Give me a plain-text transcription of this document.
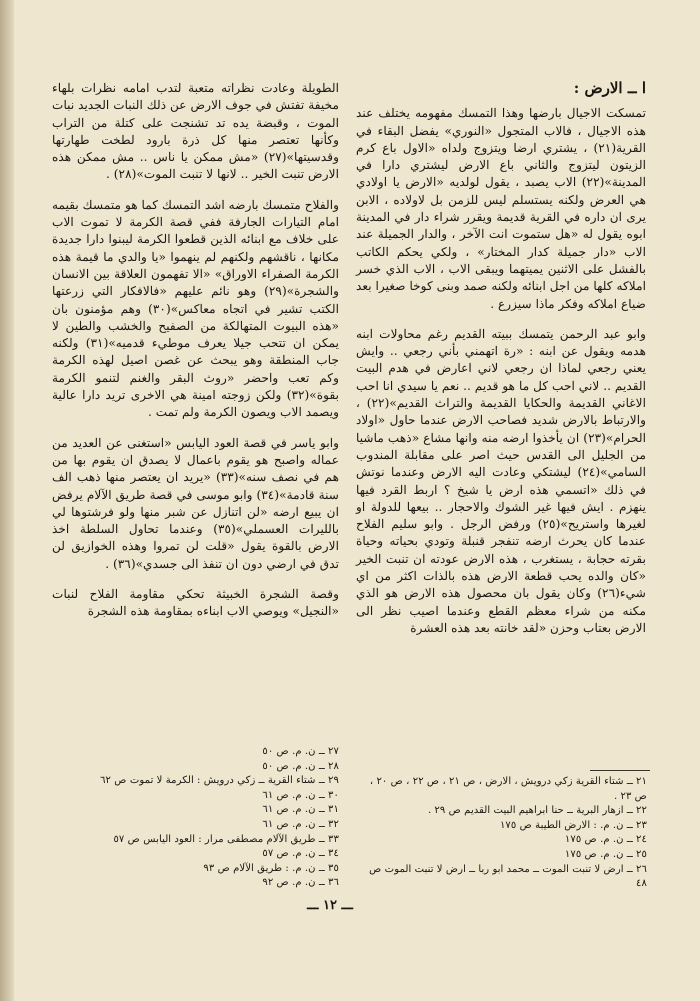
ا ــ الارض :

تمسكت الاجيال بارضها وهذا التمسك مفهومه يختلف عند هذه الاجيال ، فالاب المتجول «النوري» يفضل البقاء في القرية(٢١) ، يشتري ارضا ويتزوج ولداه «الاول باع كرم الزيتون ليتزوج والثاني باع الارض ليشتري دارا في المدينة»(٢٢) الاب يصبد ، يقول لولديه «الارض يا اولادي هي العرض ولكنه يستسلم ليس للزمن بل لاولاده ، الابن يرى ان داره في القرية قديمة ويقرر شراء دار في المدينة ابوه يقول له «هل ستموت انت الآخر ، والدار الجميلة عند الاب «دار جميلة كدار المختار» ، ولكي يحكم الكاتب بالفشل على الاثنين يميتهما ويبقى الاب ، الاب الذي خسر املاكه كلها من اجل ابنائه ولكنه صمد وبنى كوخا صغيرا بعد ضياع املاكه وفكر ماذا سيزرع .

وابو عبد الرحمن يتمسك ببيته القديم رغم محاولات ابنه هدمه ويقول عن ابنه : «رة اتهمني بأني رجعي .. وايش يعني رجعي لماذا ان رجعي لاني اعارض في هدم البيت القديم .. لاني احب كل ما هو قديم .. نعم يا سيدي انا احب الاغاني القديمة والحكايا القديمة والتراث القديم»(٢٢) ، والارتباط بالارض شديد فصاحب الارض عندما حاول «اولاد الحرام»(٢٣) ان يأخذوا ارضه منه وانها مشاع «ذهب ماشيا من الجليل الى القدس حيث اصر على مقابلة المندوب السامي»(٢٤) ليشتكي وعادت اليه الارض وعندما نوتش في ذلك «اتسمي هذه ارض يا شيخ ؟ اربط القرد فيها ينهزم . ايش فيها غير الشوك والاحجار .. بيعها للدولة او لغيرها واستريح»(٢٥) ورفض الرجل . وابو سليم الفلاح عندما كان يحرث ارضه تنفجر قنبلة وتودي بحياته وحياة بقرته حجابة ، يستغرب ، هذه الارض عودته ان تنبت الخير «كان والده يحب قطعة الارض هذه بالذات اكثر من اي شيء(٢٦) وكان يقول بان محصول هذه الارض هو الذي مكنه من شراء معظم القطع وعندما اصيب نظر الى الارض بعتاب وحزن «لقد خانته بعد هذه العشرة

الطويلة وعادت نظراته متعبة لتدب امامه نظرات بلهاء مخيفة تفتش في جوف الارض عن ذلك النبات الجديد نبات الموت ، وقبضة يده تد تشنجت على كتلة من التراب وكأنها تعتصر منها كل ذرة بارود لطخت طهارتها وقدسيتها»(٢٧) «مش ممكن يا ناس .. مش ممكن هذه الارض تنبت الخير .. لانها لا تنبت الموت»(٢٨) .

والفلاح متمسك بارضه اشد التمسك كما هو متمسك بقيمه امام التيارات الجارفة ففي قصة الكرمة لا تموت الاب على خلاف مع ابنائه الذين قطعوا الكرمة ليبنوا دارا جديدة مكانها ، ناقشهم ولكنهم لم ينهموا «يا والدي ما قيمة هذه الكرمة الصفراء الاوراق» «الا تفهمون العلاقة بين الانسان والشجرة»(٢٩) وهو نائم عليهم «فالافكار التي زرعتها الكتب تشير في اتجاه معاكس»(٣٠) وهم مؤمنون بان «هذه البيوت المتهالكة من الصفيح والخشب والطين لا يمكن ان تتحب جيلا يعرف موطيء قدميه»(٣١) ولكنه جاب المنطقة وهو يبحث عن غصن اصيل لهذه الكرمة وكم تعب واحضر «روث البقر والغنم لتنمو الكرمة بقوة»(٣٢) ولكن زوجته امينة هي الاخرى تريد دارا عالية ويصمد الاب ويصون الكرمة ولم تمت .

وابو ياسر في قصة العود اليابس «استغنى عن العديد من عماله واصبح هو يقوم باعمال لا يصدق ان يقوم بها من هم في نصف سنه»(٣٣) «يريد ان يعتصر منها ذهب الف سنة قادمة»(٣٤) وابو موسى في قصة طريق الآلام يرفض ان يبيع ارضه «لن اتنازل عن شبر منها ولو فرشتوها لي بالليرات العسملي»(٣٥) وعندما تحاول السلطة اخذ الارض بالقوة يقول «قلت لن تمروا وهذه الخوازيق لن تدق في ارضي دون ان تنفذ الى جسدي»(٣٦) .

وقصة الشجرة الخبيثة تحكي مقاومة الفلاح لنبات «النجيل» ويوصي الاب ابناءه بمقاومة هذه الشجرة

٢١ ــ شتاء القرية زكي درويش ، الارض ، ص ٢١ ، ص ٢٢ ، ص ٢٠ ، ص ٢٣ .
٢٢ ــ ازهار البرية ــ حنا ابراهيم البيت القديم ص ٢٩ .
٢٣ ــ ن. م. : الارض الطيبة ص ١٧٥
٢٤ ــ ن. م. ص ١٧٥
٢٥ ــ ن. م. ص ١٧٥
٢٦ ــ ارض لا تنبت الموت ــ محمد ابو ربا ــ ارض لا تنبت الموت ص ٤٨
٢٧ ــ ن. م. ص ٥٠
٢٨ ــ ن. م. ص ٥٠
٢٩ ــ شتاء القرية ــ زكي درويش : الكرمة لا تموت ص ٦٢
٣٠ ــ ن. م. ص ٦١
٣١ ــ ن. م. ص ٦١
٣٢ ــ ن. م. ص ٦١
٣٣ ــ طريق الآلام مصطفى مرار : العود اليابس ص ٥٧
٣٤ ــ ن. م. ص ٥٧
٣٥ ــ ن. م. : طريق الآلام ص ٩٣
٣٦ ــ ن. م. ص ٩٢
ـــ ١٢ ـــ
